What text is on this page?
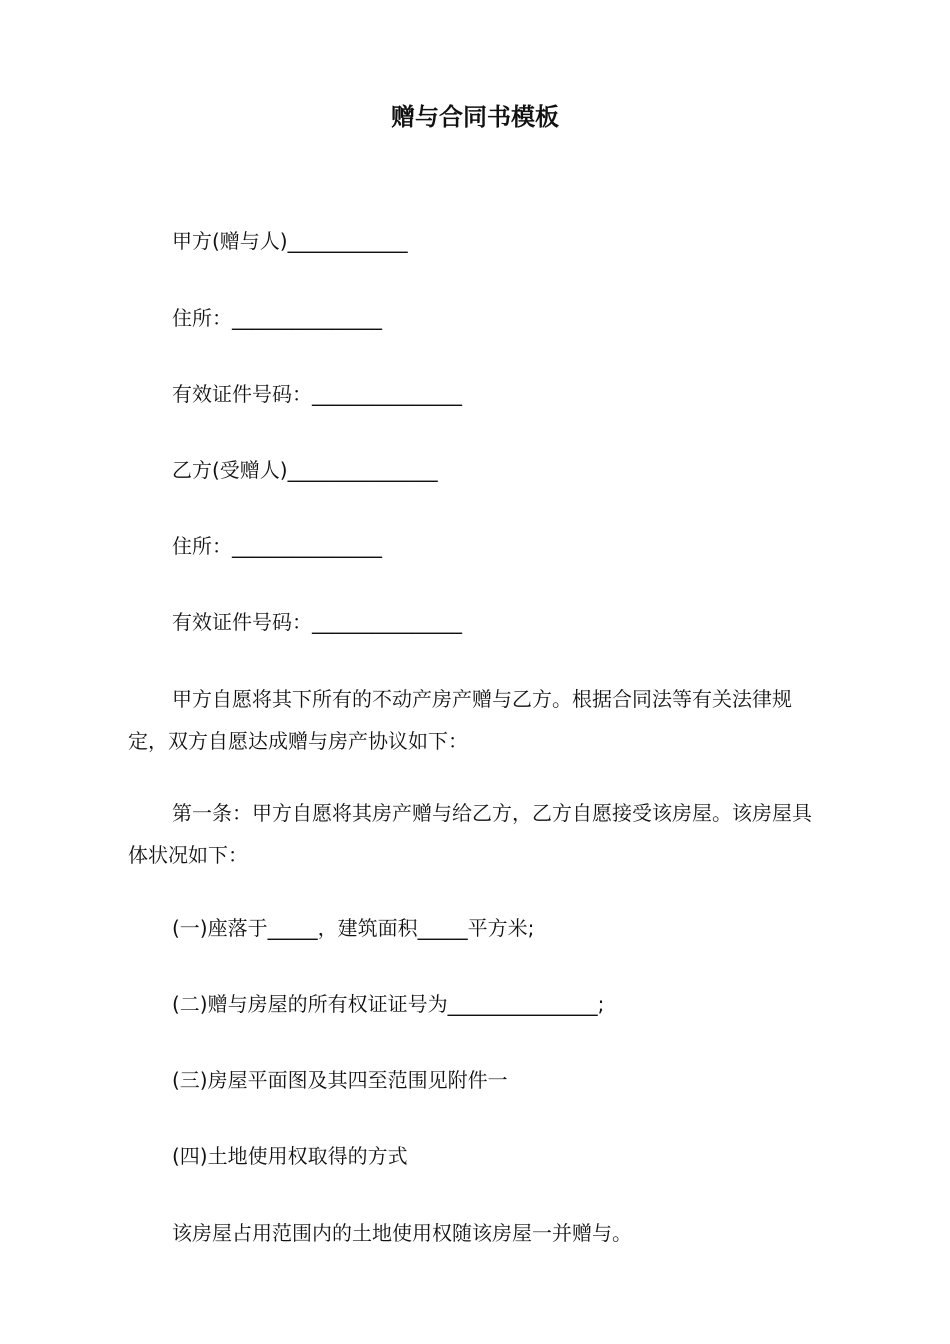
赠与合同书模板

甲方(赠与人)____________

住所：_______________

有效证件号码：_______________

乙方(受赠人)_______________

住所：_______________

有效证件号码：_______________

甲方自愿将其下所有的不动产房产赠与乙方。根据合同法等有关法律规定，双方自愿达成赠与房产协议如下：

第一条：甲方自愿将其房产赠与给乙方，乙方自愿接受该房屋。该房屋具体状况如下：

(一)座落于_____，建筑面积_____平方米;

(二)赠与房屋的所有权证证号为_______________;

(三)房屋平面图及其四至范围见附件一

(四)土地使用权取得的方式

该房屋占用范围内的土地使用权随该房屋一并赠与。
